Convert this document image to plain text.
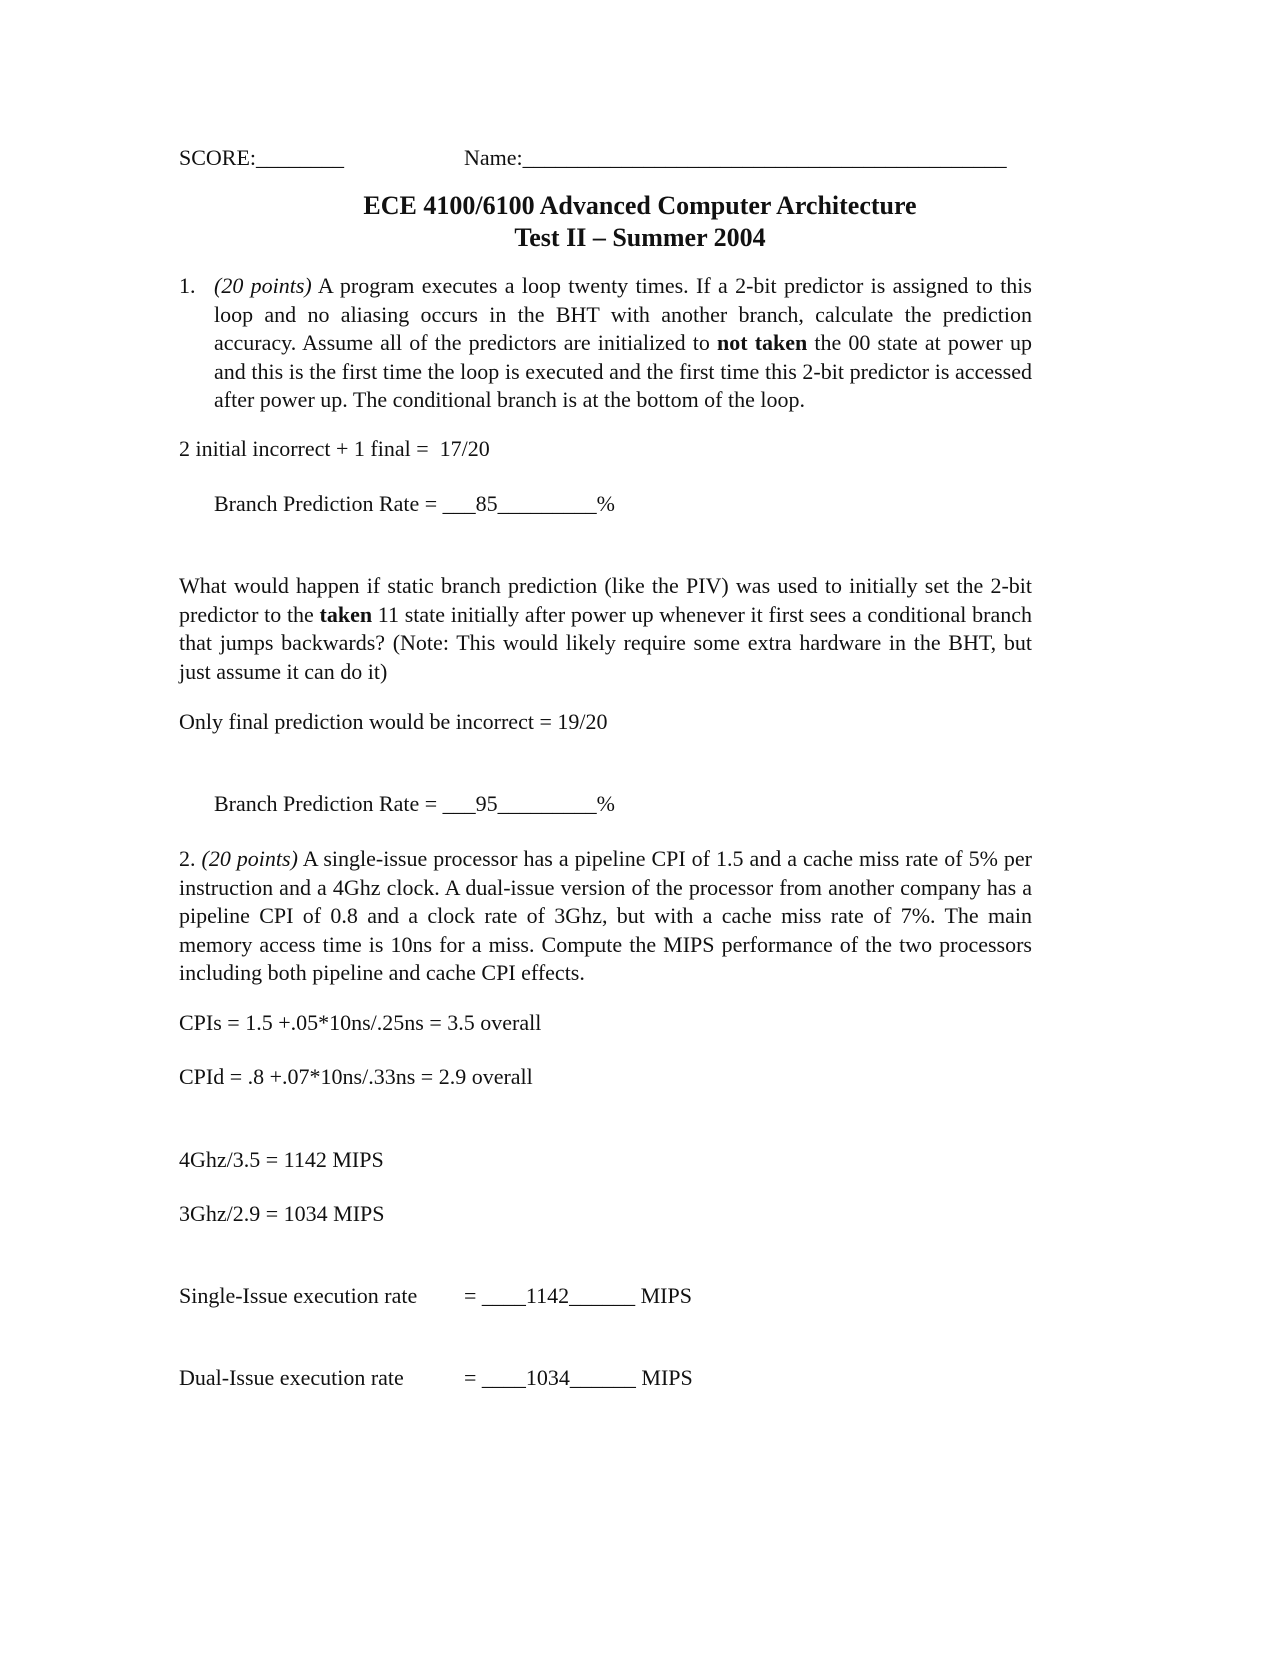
SCORE:________	Name:____________________________________________
ECE 4100/6100 Advanced Computer Architecture
Test II – Summer 2004
1. (20 points) A program executes a loop twenty times. If a 2-bit predictor is assigned to this loop and no aliasing occurs in the BHT with another branch, calculate the prediction accuracy. Assume all of the predictors are initialized to not taken the 00 state at power up and this is the first time the loop is executed and the first time this 2-bit predictor is accessed after power up. The conditional branch is at the bottom of the loop.
2 initial incorrect + 1 final =  17/20
Branch Prediction Rate = ___85_________%
What would happen if static branch prediction (like the PIV) was used to initially set the 2-bit predictor to the taken 11 state initially after power up whenever it first sees a conditional branch that jumps backwards? (Note: This would likely require some extra hardware in the BHT, but just assume it can do it)
Only final prediction would be incorrect = 19/20
Branch Prediction Rate = ___95_________%
2. (20 points) A single-issue processor has a pipeline CPI of 1.5 and a cache miss rate of 5% per instruction and a 4Ghz clock. A dual-issue version of the processor from another company has a pipeline CPI of 0.8 and a clock rate of 3Ghz, but with a cache miss rate of 7%. The main memory access time is 10ns for a miss. Compute the MIPS performance of the two processors including both pipeline and cache CPI effects.
CPIs = 1.5 +.05*10ns/.25ns = 3.5 overall
CPId = .8 +.07*10ns/.33ns = 2.9 overall
4Ghz/3.5 = 1142 MIPS
3Ghz/2.9 = 1034 MIPS
Single-Issue execution rate = ____1142______ MIPS
Dual-Issue execution rate	= ____1034______ MIPS
